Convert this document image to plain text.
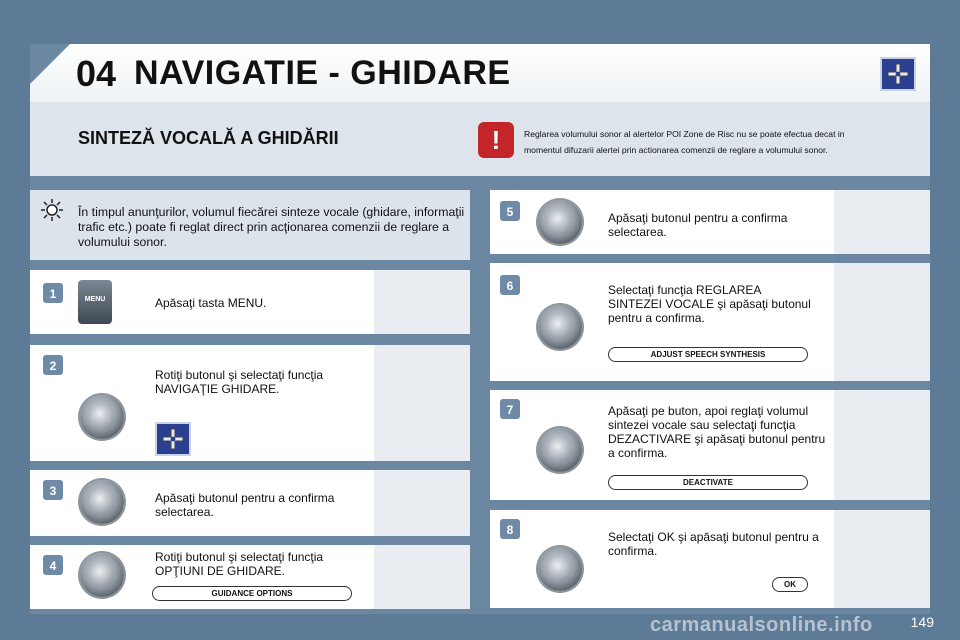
04 NAVIGATIE - GHIDARE
SINTEZĂ VOCALĂ A GHIDĂRII	!	Reglarea volumului sonor al alertelor POI Zone de Risc nu se poate efectua decat in momentul difuzarii alertei prin actionarea comenzii de reglare a volumului sonor.
În timpul anunţurilor, volumul fiecărei sinteze vocale (ghidare, informaţii trafic etc.) poate fi reglat direct prin acţionarea comenzii de reglare a volumului sonor.
1	MENU	Apăsaţi tasta MENU.
2
Rotiţi butonul şi selectaţi funcţia NAVIGAŢIE GHIDARE.
3	Apăsaţi butonul pentru a confirma selectarea.
4
Rotiţi butonul şi selectaţi funcţia OPŢIUNI DE GHIDARE.
GUIDANCE OPTIONS
5	Apăsaţi butonul pentru a confirma selectarea.
6	Selectaţi funcţia REGLAREA SINTEZEI VOCALE şi apăsaţi butonul pentru a confirma.
ADJUST SPEECH SYNTHESIS
7	Apăsaţi pe buton, apoi reglaţi volumul sintezei vocale sau selectaţi funcţia DEZACTIVARE şi apăsaţi butonul pentru a confirma.
DEACTIVATE
8	Selectaţi OK şi apăsaţi butonul pentru a confirma.
OK
149
carmanualsonline.info
